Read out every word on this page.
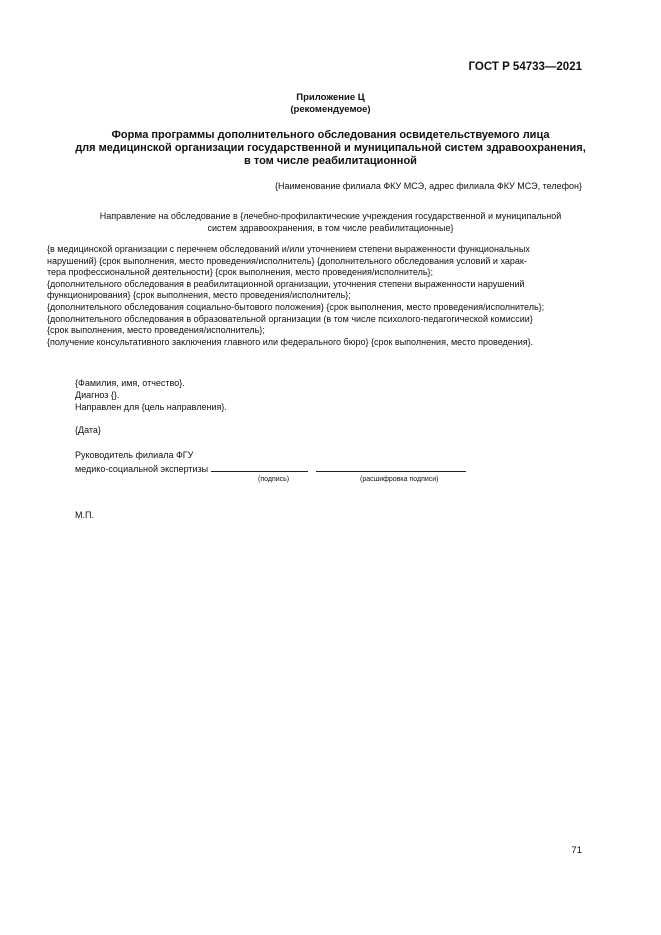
ГОСТ Р 54733—2021
Приложение Ц
(рекомендуемое)
Форма программы дополнительного обследования освидетельствуемого лица
для медицинской организации государственной и муниципальной систем здравоохранения,
в том числе реабилитационной
{Наименование филиала ФКУ МСЭ, адрес филиала ФКУ МСЭ, телефон}
Направление на обследование в {лечебно-профилактические учреждения государственной и муниципальной
систем здравоохранения, в том числе реабилитационные}
{в медицинской организации с перечнем обследований и/или уточнением степени выраженности функциональных
нарушений} {срок выполнения, место проведения/исполнитель} {дополнительного обследования условий и харак-
тера профессиональной деятельности} {срок выполнения, место проведения/исполнитель};
{дополнительного обследования в реабилитационной организации, уточнения степени выраженности нарушений
функционирования} {срок выполнения, место проведения/исполнитель};
{дополнительного обследования социально-бытового положения} {срок выполнения, место проведения/исполнитель};
{дополнительного обследования в образовательной организации (в том числе психолого-педагогической комиссии}
{срок выполнения, место проведения/исполнитель};
{получение консультативного заключения главного или федерального бюро} {срок выполнения, место проведения}.
{Фамилия, имя, отчество}.
Диагноз {}.
Направлен для {цель направления}.
{Дата}
Руководитель филиала ФГУ
медико-социальной экспертизы
(подпись)	(расшифровка подписи)
М.П.
71
